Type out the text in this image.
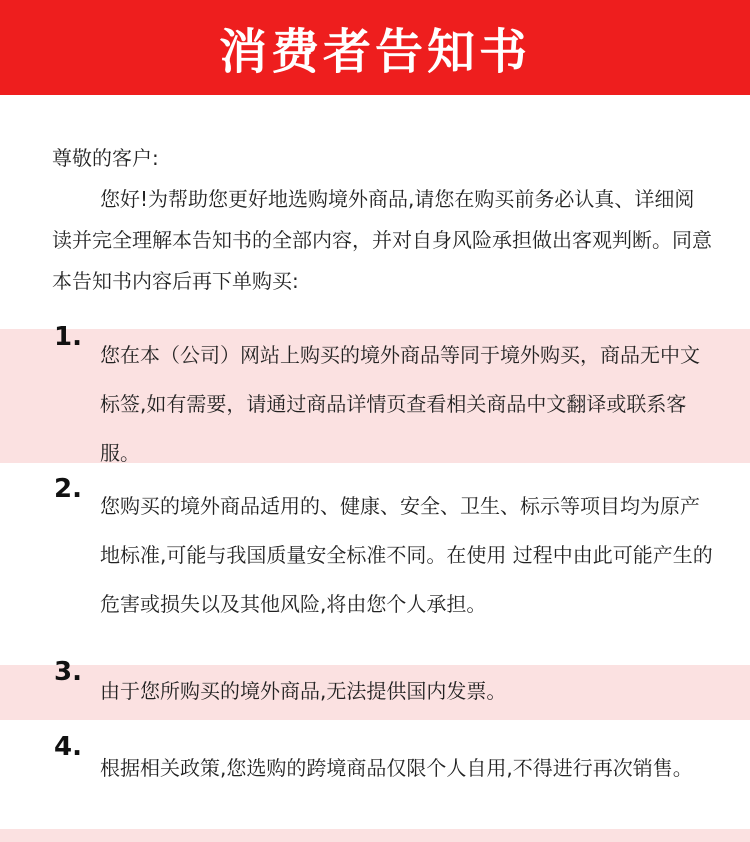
消费者告知书

尊敬的客户:

您好!为帮助您更好地选购境外商品,请您在购买前务必认真、详细阅读并完全理解本告知书的全部内容，并对自身风险承担做出客观判断。同意本告知书内容后再下单购买:

1.
您在本（公司）网站上购买的境外商品等同于境外购买，商品无中文标签,如有需要，请通过商品详情页查看相关商品中文翻译或联系客服。
2.
您购买的境外商品适用的、健康、安全、卫生、标示等项目均为原产地标准,可能与我国质量安全标准不同。在使用 过程中由此可能产生的危害或损失以及其他风险,将由您个人承担。
3.
由于您所购买的境外商品,无法提供国内发票。
4.
根据相关政策,您选购的跨境商品仅限个人自用,不得进行再次销售。
